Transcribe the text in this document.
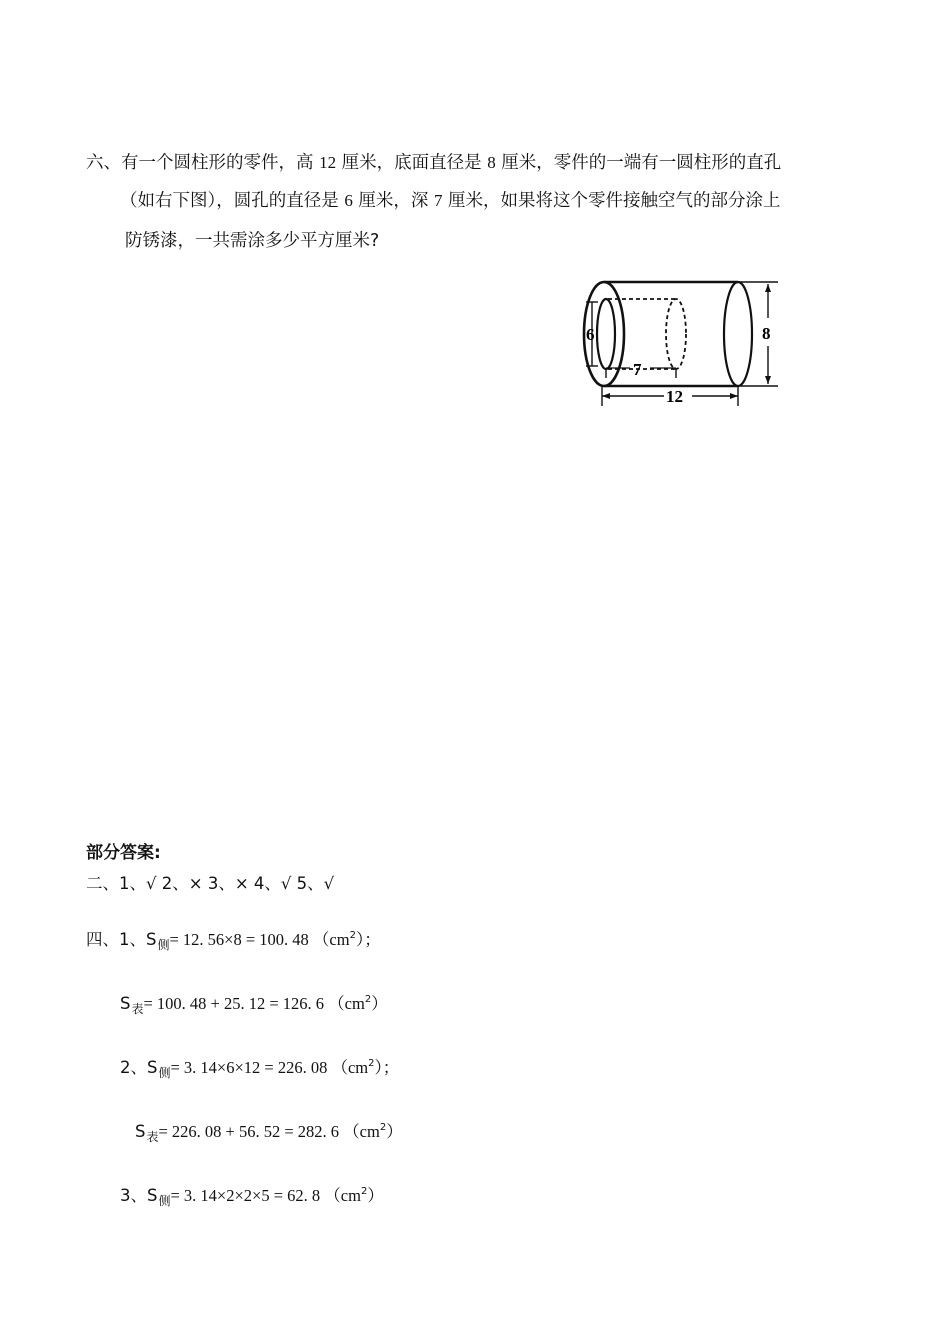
六、有一个圆柱形的零件，高 12 厘米，底面直径是 8 厘米，零件的一端有一圆柱形的直孔
（如右下图），圆孔的直径是 6 厘米，深 7 厘米，如果将这个零件接触空气的部分涂上
防锈漆，一共需涂多少平方厘米?
6
7
12
8
部分答案:
二、1、√ 2、× 3、× 4、√ 5、√
四、1、$S_侧= 12$. 56×8 = 100. 48 $(cm^2)$；
$S_表= 100$. 48 + 25. 12 = 126. 6 $(cm^2)$
2、$S_侧= 3$. 14×6×12 = 226. 08 $(cm^2)$；
$S_表= 226$. 08 + 56. 52 = 282. 6 $(cm^2)$
3、$S_侧= 3$. 14×2×2×5 = 62. 8 $(cm^2)$
